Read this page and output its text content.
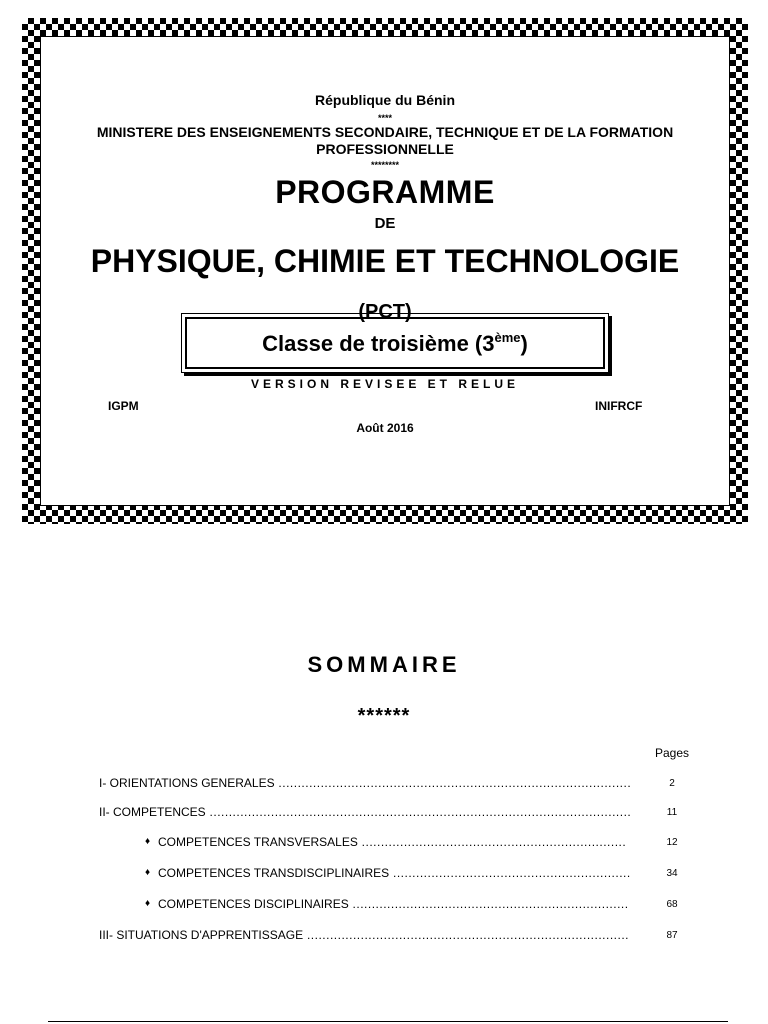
République du Bénin
****
MINISTERE DES ENSEIGNEMENTS SECONDAIRE, TECHNIQUE ET DE LA FORMATION PROFESSIONNELLE
********
PROGRAMME
DE
PHYSIQUE, CHIMIE ET TECHNOLOGIE
(PCT)
Classe de troisième (3ème)
VERSION REVISEE ET RELUE
IGPM	INIFRCF
Août 2016
SOMMAIRE
******
Pages
I- ORIENTATIONS GENERALES .....	2
II- COMPETENCES .....	11
♦ COMPETENCES TRANSVERSALES .....	12
♦ COMPETENCES TRANSDISCIPLINAIRES .....	34
♦ COMPETENCES DISCIPLINAIRES .....	68
III- SITUATIONS D'APPRENTISSAGE .....	87
